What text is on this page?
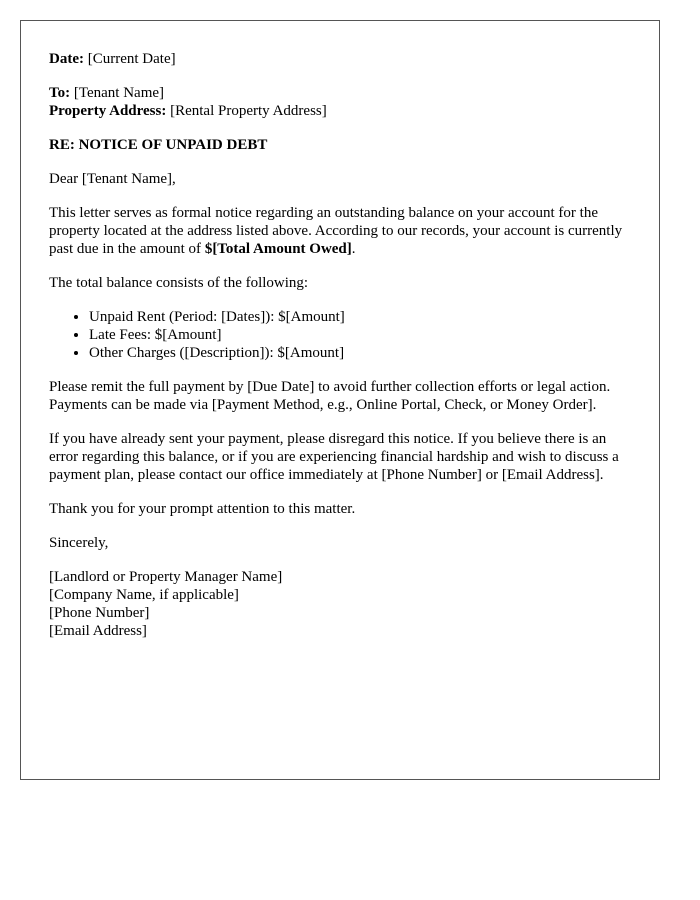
Date: [Current Date]

To: [Tenant Name]
Property Address: [Rental Property Address]

RE: NOTICE OF UNPAID DEBT

Dear [Tenant Name],

This letter serves as formal notice regarding an outstanding balance on your account for the property located at the address listed above. According to our records, your account is currently past due in the amount of $[Total Amount Owed].

The total balance consists of the following:

• Unpaid Rent (Period: [Dates]): $[Amount]
• Late Fees: $[Amount]
• Other Charges ([Description]): $[Amount]

Please remit the full payment by [Due Date] to avoid further collection efforts or legal action. Payments can be made via [Payment Method, e.g., Online Portal, Check, or Money Order].

If you have already sent your payment, please disregard this notice. If you believe there is an error regarding this balance, or if you are experiencing financial hardship and wish to discuss a payment plan, please contact our office immediately at [Phone Number] or [Email Address].

Thank you for your prompt attention to this matter.

Sincerely,

[Landlord or Property Manager Name]
[Company Name, if applicable]
[Phone Number]
[Email Address]
